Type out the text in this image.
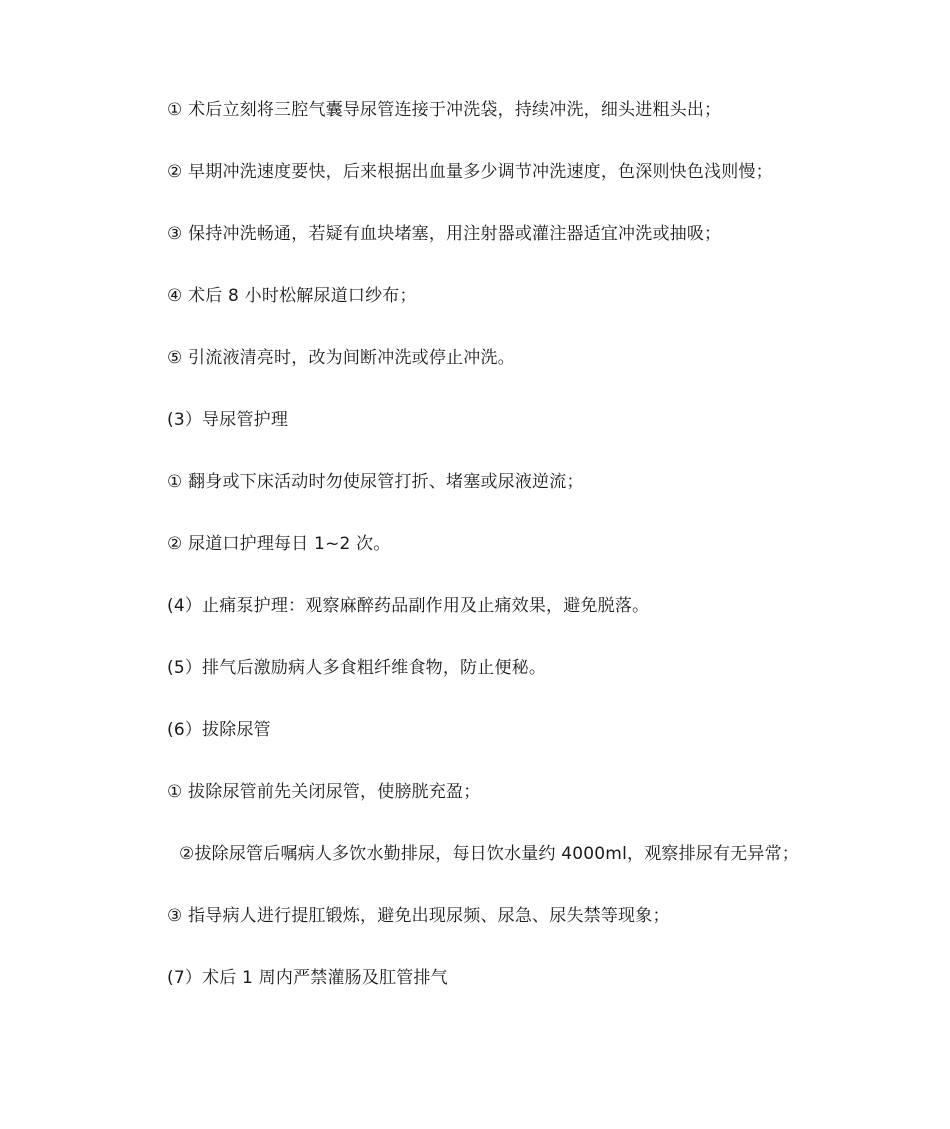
① 术后立刻将三腔气囊导尿管连接于冲洗袋，持续冲洗，细头进粗头出；
② 早期冲洗速度要快，后来根据出血量多少调节冲洗速度，色深则快色浅则慢；
③ 保持冲洗畅通，若疑有血块堵塞，用注射器或灌注器适宜冲洗或抽吸；
④ 术后 8 小时松解尿道口纱布；
⑤ 引流液清亮时，改为间断冲洗或停止冲洗。
(3）导尿管护理
① 翻身或下床活动时勿使尿管打折、堵塞或尿液逆流；
② 尿道口护理每日 1~2 次。
(4）止痛泵护理：观察麻醉药品副作用及止痛效果，避免脱落。
(5）排气后激励病人多食粗纤维食物，防止便秘。
(6）拔除尿管
① 拔除尿管前先关闭尿管，使膀胱充盈；
②拔除尿管后嘱病人多饮水勤排尿，每日饮水量约 4000ml，观察排尿有无异常；
③ 指导病人进行提肛锻炼，避免出现尿频、尿急、尿失禁等现象；
(7）术后 1 周内严禁灌肠及肛管排气
